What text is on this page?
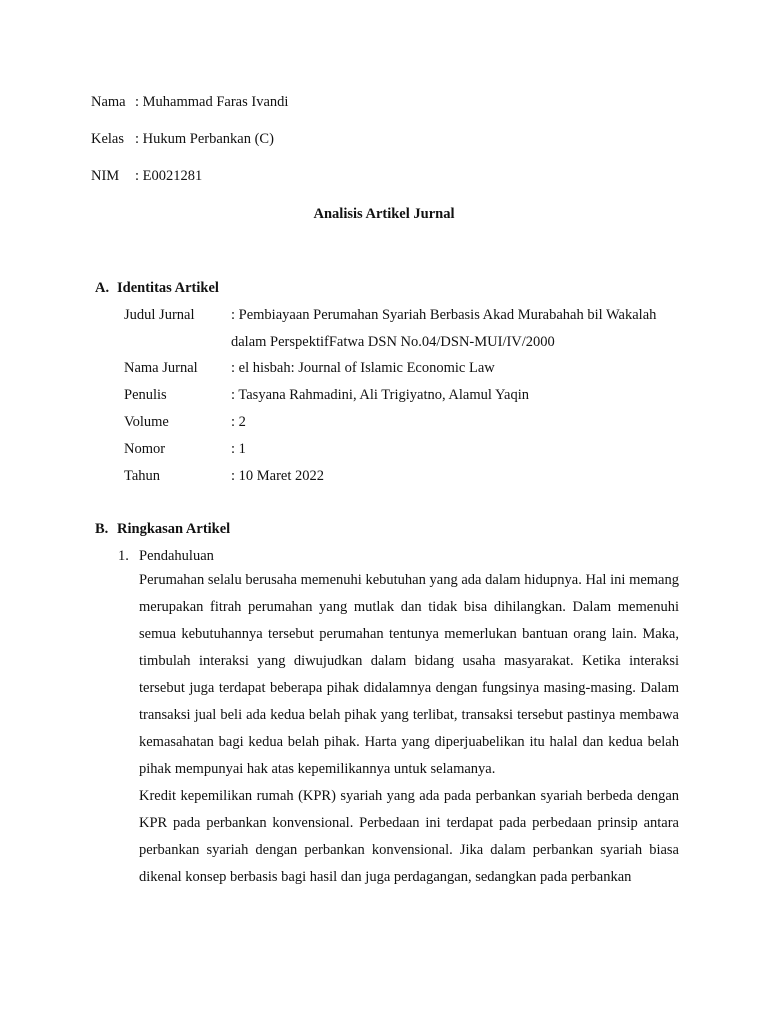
Nama : Muhammad Faras Ivandi
Kelas : Hukum Perbankan (C)
NIM : E0021281
Analisis Artikel Jurnal
A. Identitas Artikel
Judul Jurnal	: Pembiayaan Perumahan Syariah Berbasis Akad Murabahah bil Wakalah
dalam PerspektifFatwa DSN No.04/DSN-MUI/IV/2000
Nama Jurnal : el hisbah: Journal of Islamic Economic Law
Penulis	: Tasyana Rahmadini, Ali Trigiyatno, Alamul Yaqin
Volume	: 2
Nomor	: 1
Tahun	: 10 Maret 2022
B. Ringkasan Artikel
1. Pendahuluan

Perumahan selalu berusaha memenuhi kebutuhan yang ada dalam hidupnya. Hal ini memang merupakan fitrah perumahan yang mutlak dan tidak bisa dihilangkan. Dalam memenuhi semua kebutuhannya tersebut perumahan tentunya memerlukan bantuan orang lain. Maka, timbulah interaksi yang diwujudkan dalam bidang usaha masyarakat. Ketika interaksi tersebut juga terdapat beberapa pihak didalamnya dengan fungsinya masing-masing. Dalam transaksi jual beli ada kedua belah pihak yang terlibat, transaksi tersebut pastinya membawa kemasahatan bagi kedua belah pihak. Harta yang diperjuabelikan itu halal dan kedua belah pihak mempunyai hak atas kepemilikannya untuk selamanya.

Kredit kepemilikan rumah (KPR) syariah yang ada pada perbankan syariah berbeda dengan KPR pada perbankan konvensional. Perbedaan ini terdapat pada perbedaan prinsip antara perbankan syariah dengan perbankan konvensional. Jika dalam perbankan syariah biasa dikenal konsep berbasis bagi hasil dan juga perdagangan, sedangkan pada perbankan
